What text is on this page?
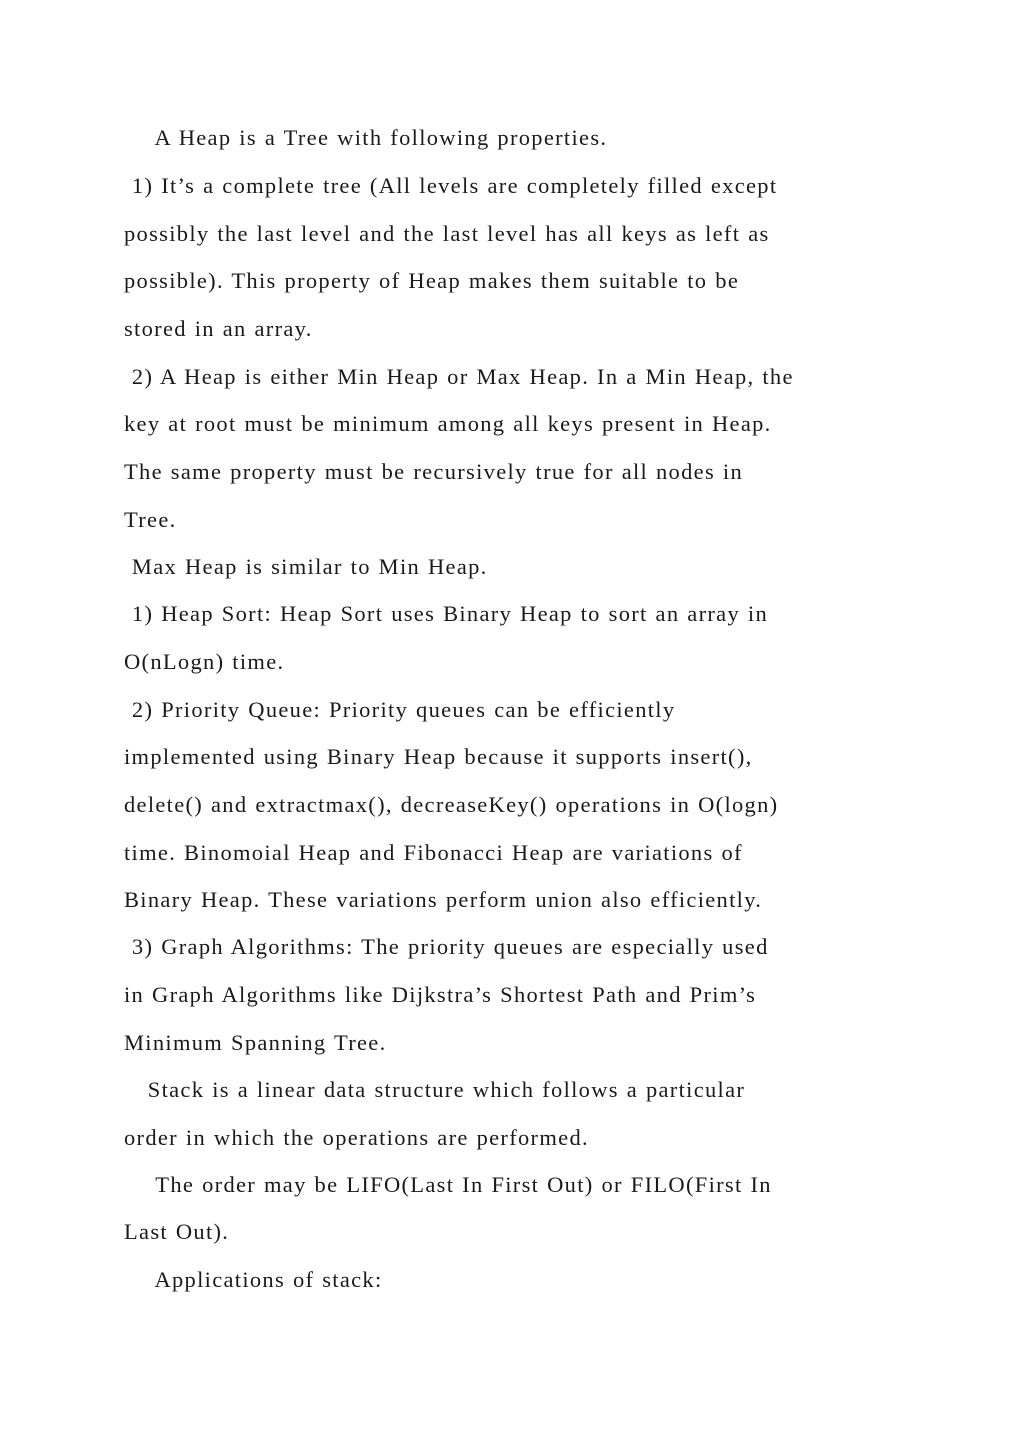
A Heap is a Tree with following properties.

1) It’s a complete tree (All levels are completely filled except

possibly the last level and the last level has all keys as left as

possible). This property of Heap makes them suitable to be

stored in an array.

2) A Heap is either Min Heap or Max Heap. In a Min Heap, the

key at root must be minimum among all keys present in Heap.

The same property must be recursively true for all nodes in

Tree.

Max Heap is similar to Min Heap.

1) Heap Sort: Heap Sort uses Binary Heap to sort an array in

O(nLogn) time.

2) Priority Queue: Priority queues can be efficiently

implemented using Binary Heap because it supports insert(),

delete() and extractmax(), decreaseKey() operations in O(logn)

time. Binomoial Heap and Fibonacci Heap are variations of

Binary Heap. These variations perform union also efficiently.

3) Graph Algorithms: The priority queues are especially used

in Graph Algorithms like Dijkstra’s Shortest Path and Prim’s

Minimum Spanning Tree.

Stack is a linear data structure which follows a particular

order in which the operations are performed.

The order may be LIFO(Last In First Out) or FILO(First In

Last Out).

Applications of stack:
